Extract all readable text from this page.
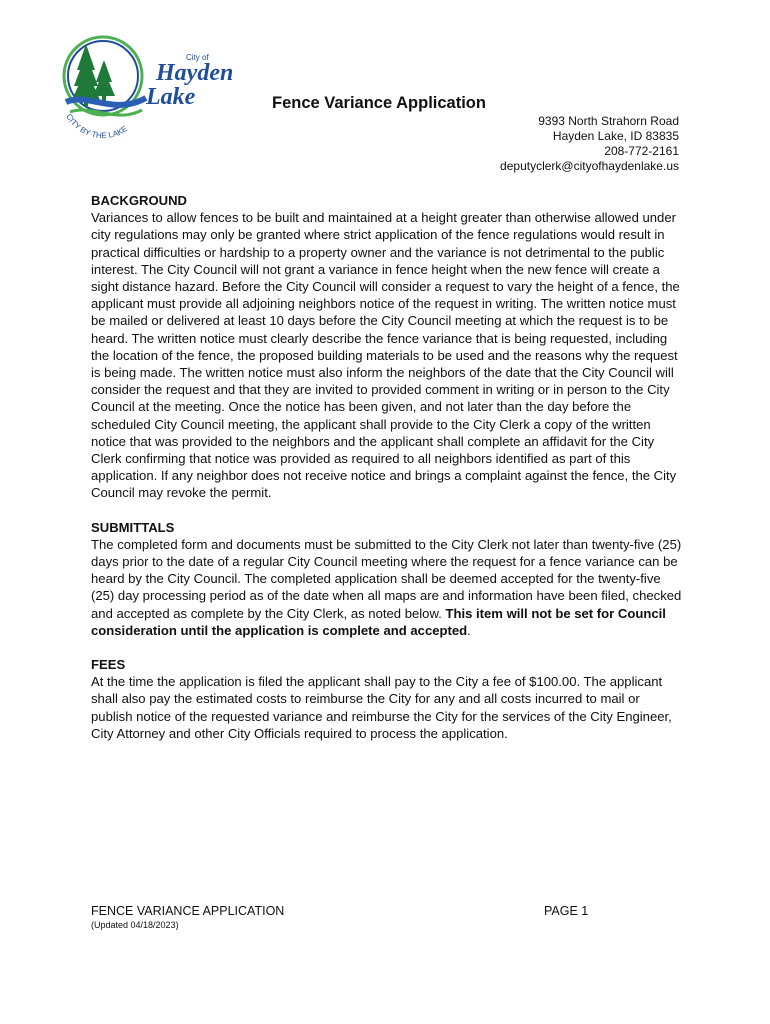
City of
Hayden
Lake
CITY BY THE LAKE
Fence Variance Application
9393 North Strahorn Road
Hayden Lake, ID 83835
208-772-2161
deputyclerk@cityofhaydenlake.us
BACKGROUND
Variances to allow fences to be built and maintained at a height greater than otherwise allowed under city regulations may only be granted where strict application of the fence regulations would result in practical difficulties or hardship to a property owner and the variance is not detrimental to the public interest. The City Council will not grant a variance in fence height when the new fence will create a sight distance hazard. Before the City Council will consider a request to vary the height of a fence, the applicant must provide all adjoining neighbors notice of the request in writing. The written notice must be mailed or delivered at least 10 days before the City Council meeting at which the request is to be heard. The written notice must clearly describe the fence variance that is being requested, including the location of the fence, the proposed building materials to be used and the reasons why the request is being made. The written notice must also inform the neighbors of the date that the City Council will consider the request and that they are invited to provided comment in writing or in person to the City Council at the meeting. Once the notice has been given, and not later than the day before the scheduled City Council meeting, the applicant shall provide to the City Clerk a copy of the written notice that was provided to the neighbors and the applicant shall complete an affidavit for the City Clerk confirming that notice was provided as required to all neighbors identified as part of this application. If any neighbor does not receive notice and brings a complaint against the fence, the City Council may revoke the permit.
SUBMITTALS
The completed form and documents must be submitted to the City Clerk not later than twenty-five (25) days prior to the date of a regular City Council meeting where the request for a fence variance can be heard by the City Council. The completed application shall be deemed accepted for the twenty-five (25) day processing period as of the date when all maps are and information have been filed, checked and accepted as complete by the City Clerk, as noted below. This item will not be set for Council consideration until the application is complete and accepted.
FEES
At the time the application is filed the applicant shall pay to the City a fee of $100.00. The applicant shall also pay the estimated costs to reimburse the City for any and all costs incurred to mail or publish notice of the requested variance and reimburse the City for the services of the City Engineer, City Attorney and other City Officials required to process the application.
FENCE VARIANCE APPLICATION
(Updated 04/18/2023)
PAGE 1
